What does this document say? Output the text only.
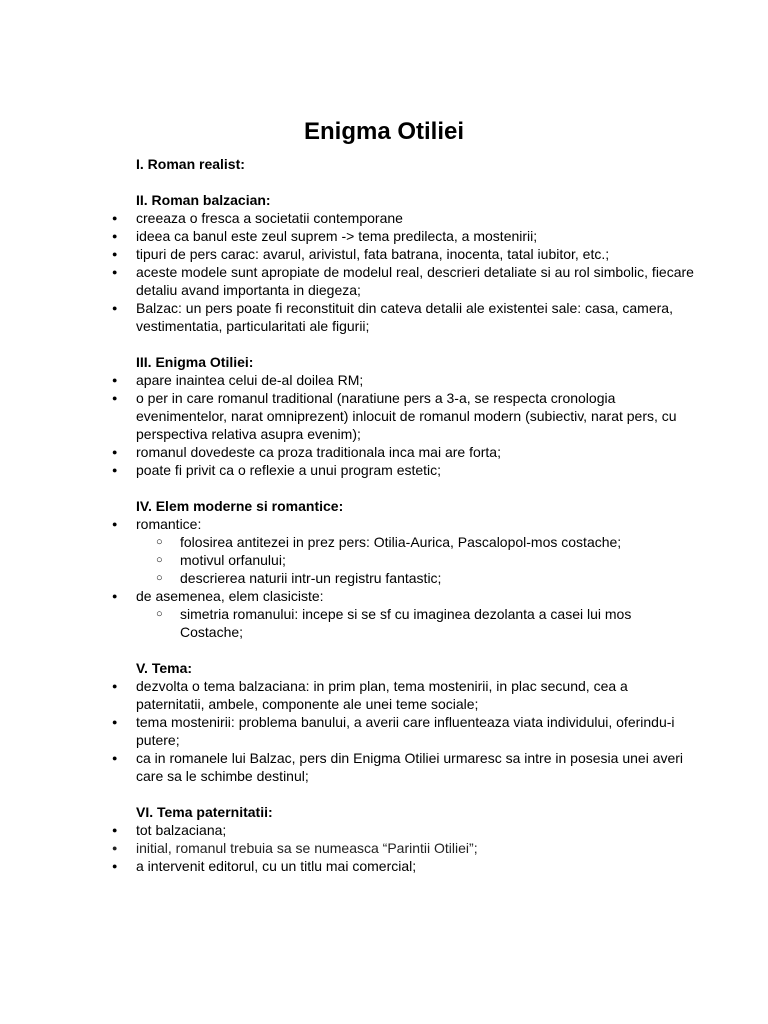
Enigma Otiliei
I. Roman realist:
II. Roman balzacian:
● creeaza o fresca a societatii contemporane
● ideea ca banul este zeul suprem -> tema predilecta, a mostenirii;
● tipuri de pers carac: avarul, arivistul, fata batrana, inocenta, tatal iubitor, etc.;
● aceste modele sunt apropiate de modelul real, descrieri detaliate si au rol simbolic, fiecare detaliu avand importanta in diegeza;
● Balzac: un pers poate fi reconstituit din cateva detalii ale existentei sale: casa, camera, vestimentatia, particularitati ale figurii;
III. Enigma Otiliei:
● apare inaintea celui de-al doilea RM;
● o per in care romanul traditional (naratiune pers a 3-a, se respecta cronologia evenimentelor, narat omniprezent) inlocuit de romanul modern (subiectiv, narat pers, cu perspectiva relativa asupra evenim);
● romanul dovedeste ca proza traditionala inca mai are forta;
● poate fi privit ca o reflexie a unui program estetic;
IV. Elem moderne si romantice:
● romantice:
○ folosirea antitezei in prez pers: Otilia-Aurica, Pascalopol-mos costache;
○ motivul orfanului;
○ descrierea naturii intr-un registru fantastic;
● de asemenea, elem clasiciste:
○ simetria romanului: incepe si se sf cu imaginea dezolanta a casei lui mos Costache;
V. Tema:
● dezvolta o tema balzaciana: in prim plan, tema mostenirii, in plac secund, cea a paternitatii, ambele, componente ale unei teme sociale;
● tema mostenirii: problema banului, a averii care influenteaza viata individului, oferindu-i putere;
● ca in romanele lui Balzac, pers din Enigma Otiliei urmaresc sa intre in posesia unei averi care sa le schimbe destinul;
VI. Tema paternitatii:
● tot balzaciana;
● initial, romanul trebuia sa se numeasca “Parintii Otiliei”;
● a intervenit editorul, cu un titlu mai comercial;
